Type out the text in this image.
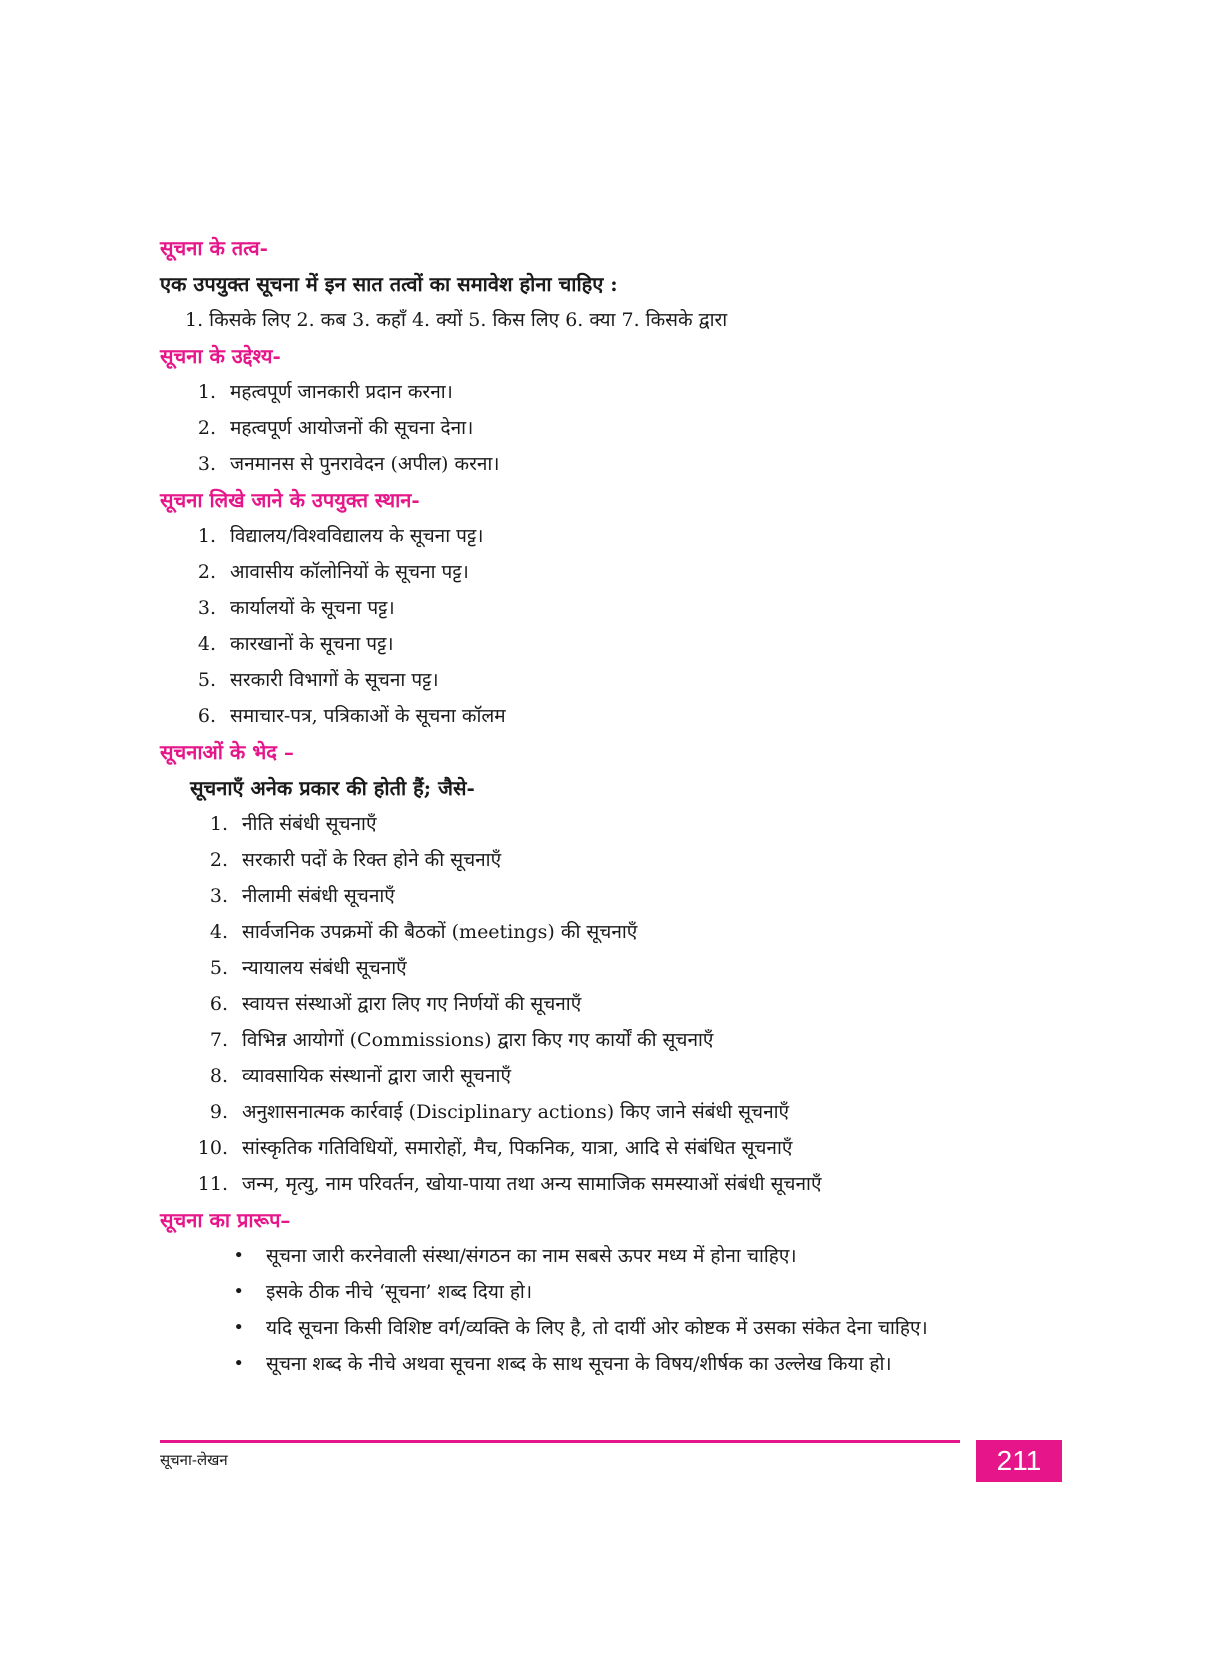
सूचना के तत्व-
एक उपयुक्त सूचना में इन सात तत्वों का समावेश होना चाहिए :
1. किसके लिए 2. कब 3. कहाँ 4. क्यों 5. किस लिए 6. क्या 7. किसके द्वारा
सूचना के उद्देश्य-
1. महत्वपूर्ण जानकारी प्रदान करना।
2. महत्वपूर्ण आयोजनों की सूचना देना।
3. जनमानस से पुनरावेदन (अपील) करना।
सूचना लिखे जाने के उपयुक्त स्थान-
1. विद्यालय/विश्वविद्यालय के सूचना पट्ट।
2. आवासीय कॉलोनियों के सूचना पट्ट।
3. कार्यालयों के सूचना पट्ट।
4. कारखानों के सूचना पट्ट।
5. सरकारी विभागों के सूचना पट्ट।
6. समाचार-पत्र, पत्रिकाओं के सूचना कॉलम
सूचनाओं के भेद –
सूचनाएँ अनेक प्रकार की होती हैं; जैसे-
1. नीति संबंधी सूचनाएँ
2. सरकारी पदों के रिक्त होने की सूचनाएँ
3. नीलामी संबंधी सूचनाएँ
4. सार्वजनिक उपक्रमों की बैठकों (meetings) की सूचनाएँ
5. न्यायालय संबंधी सूचनाएँ
6. स्वायत्त संस्थाओं द्वारा लिए गए निर्णयों की सूचनाएँ
7. विभिन्न आयोगों (Commissions) द्वारा किए गए कार्यों की सूचनाएँ
8. व्यावसायिक संस्थानों द्वारा जारी सूचनाएँ
9. अनुशासनात्मक कार्रवाई (Disciplinary actions) किए जाने संबंधी सूचनाएँ
10. सांस्कृतिक गतिविधियों, समारोहों, मैच, पिकनिक, यात्रा, आदि से संबंधित सूचनाएँ
11. जन्म, मृत्यु, नाम परिवर्तन, खोया-पाया तथा अन्य सामाजिक समस्याओं संबंधी सूचनाएँ
सूचना का प्रारूप–
• सूचना जारी करनेवाली संस्था/संगठन का नाम सबसे ऊपर मध्य में होना चाहिए।
• इसके ठीक नीचे ‘सूचना’ शब्द दिया हो।
• यदि सूचना किसी विशिष्ट वर्ग/व्यक्ति के लिए है, तो दायीं ओर कोष्टक में उसका संकेत देना चाहिए।
• सूचना शब्द के नीचे अथवा सूचना शब्द के साथ सूचना के विषय/शीर्षक का उल्लेख किया हो।
सूचना-लेखन	211
